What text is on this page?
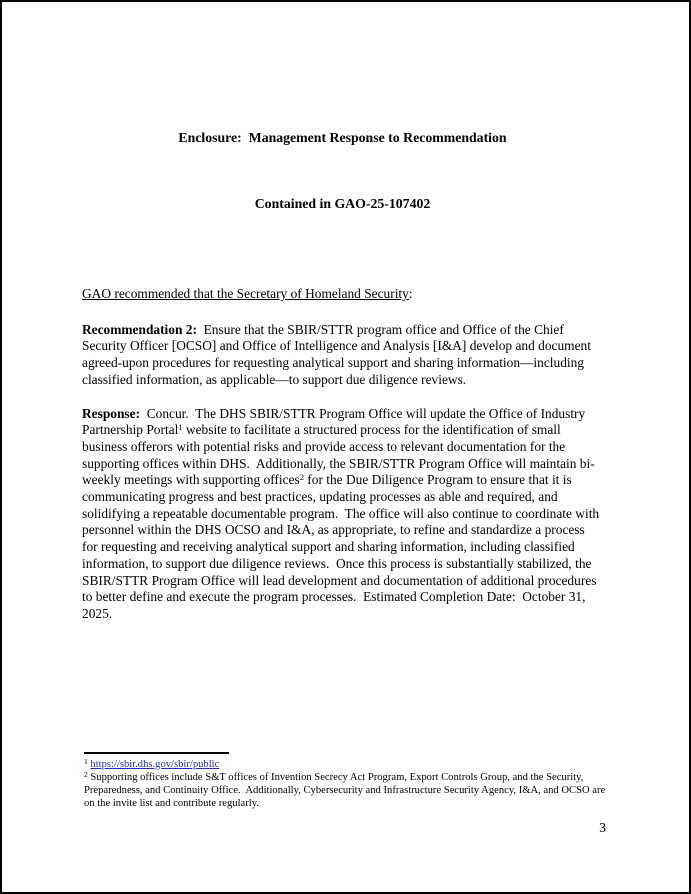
Enclosure:  Management Response to Recommendation

Contained in GAO-25-107402

GAO recommended that the Secretary of Homeland Security:

Recommendation 2:  Ensure that the SBIR/STTR program office and Office of the Chief Security Officer [OCSO] and Office of Intelligence and Analysis [I&A] develop and document agreed-upon procedures for requesting analytical support and sharing information—including classified information, as applicable—to support due diligence reviews.

Response:  Concur.  The DHS SBIR/STTR Program Office will update the Office of Industry Partnership Portal$^1$ website to facilitate a structured process for the identification of small business offerors with potential risks and provide access to relevant documentation for the supporting offices within DHS.  Additionally, the SBIR/STTR Program Office will maintain bi-weekly meetings with supporting offices$^2$ for the Due Diligence Program to ensure that it is communicating progress and best practices, updating processes as able and required, and solidifying a repeatable documentable program.  The office will also continue to coordinate with personnel within the DHS OCSO and I&A, as appropriate, to refine and standardize a process for requesting and receiving analytical support and sharing information, including classified information, to support due diligence reviews.  Once this process is substantially stabilized, the SBIR/STTR Program Office will lead development and documentation of additional procedures to better define and execute the program processes.  Estimated Completion Date:  October 31, 2025.

$^1$ https://sbir.dhs.gov/sbir/public

$^2$ Supporting offices include S&T offices of Invention Secrecy Act Program, Export Controls Group, and the Security, Preparedness, and Continuity Office.  Additionally, Cybersecurity and Infrastructure Security Agency, I&A, and OCSO are on the invite list and contribute regularly.

3
